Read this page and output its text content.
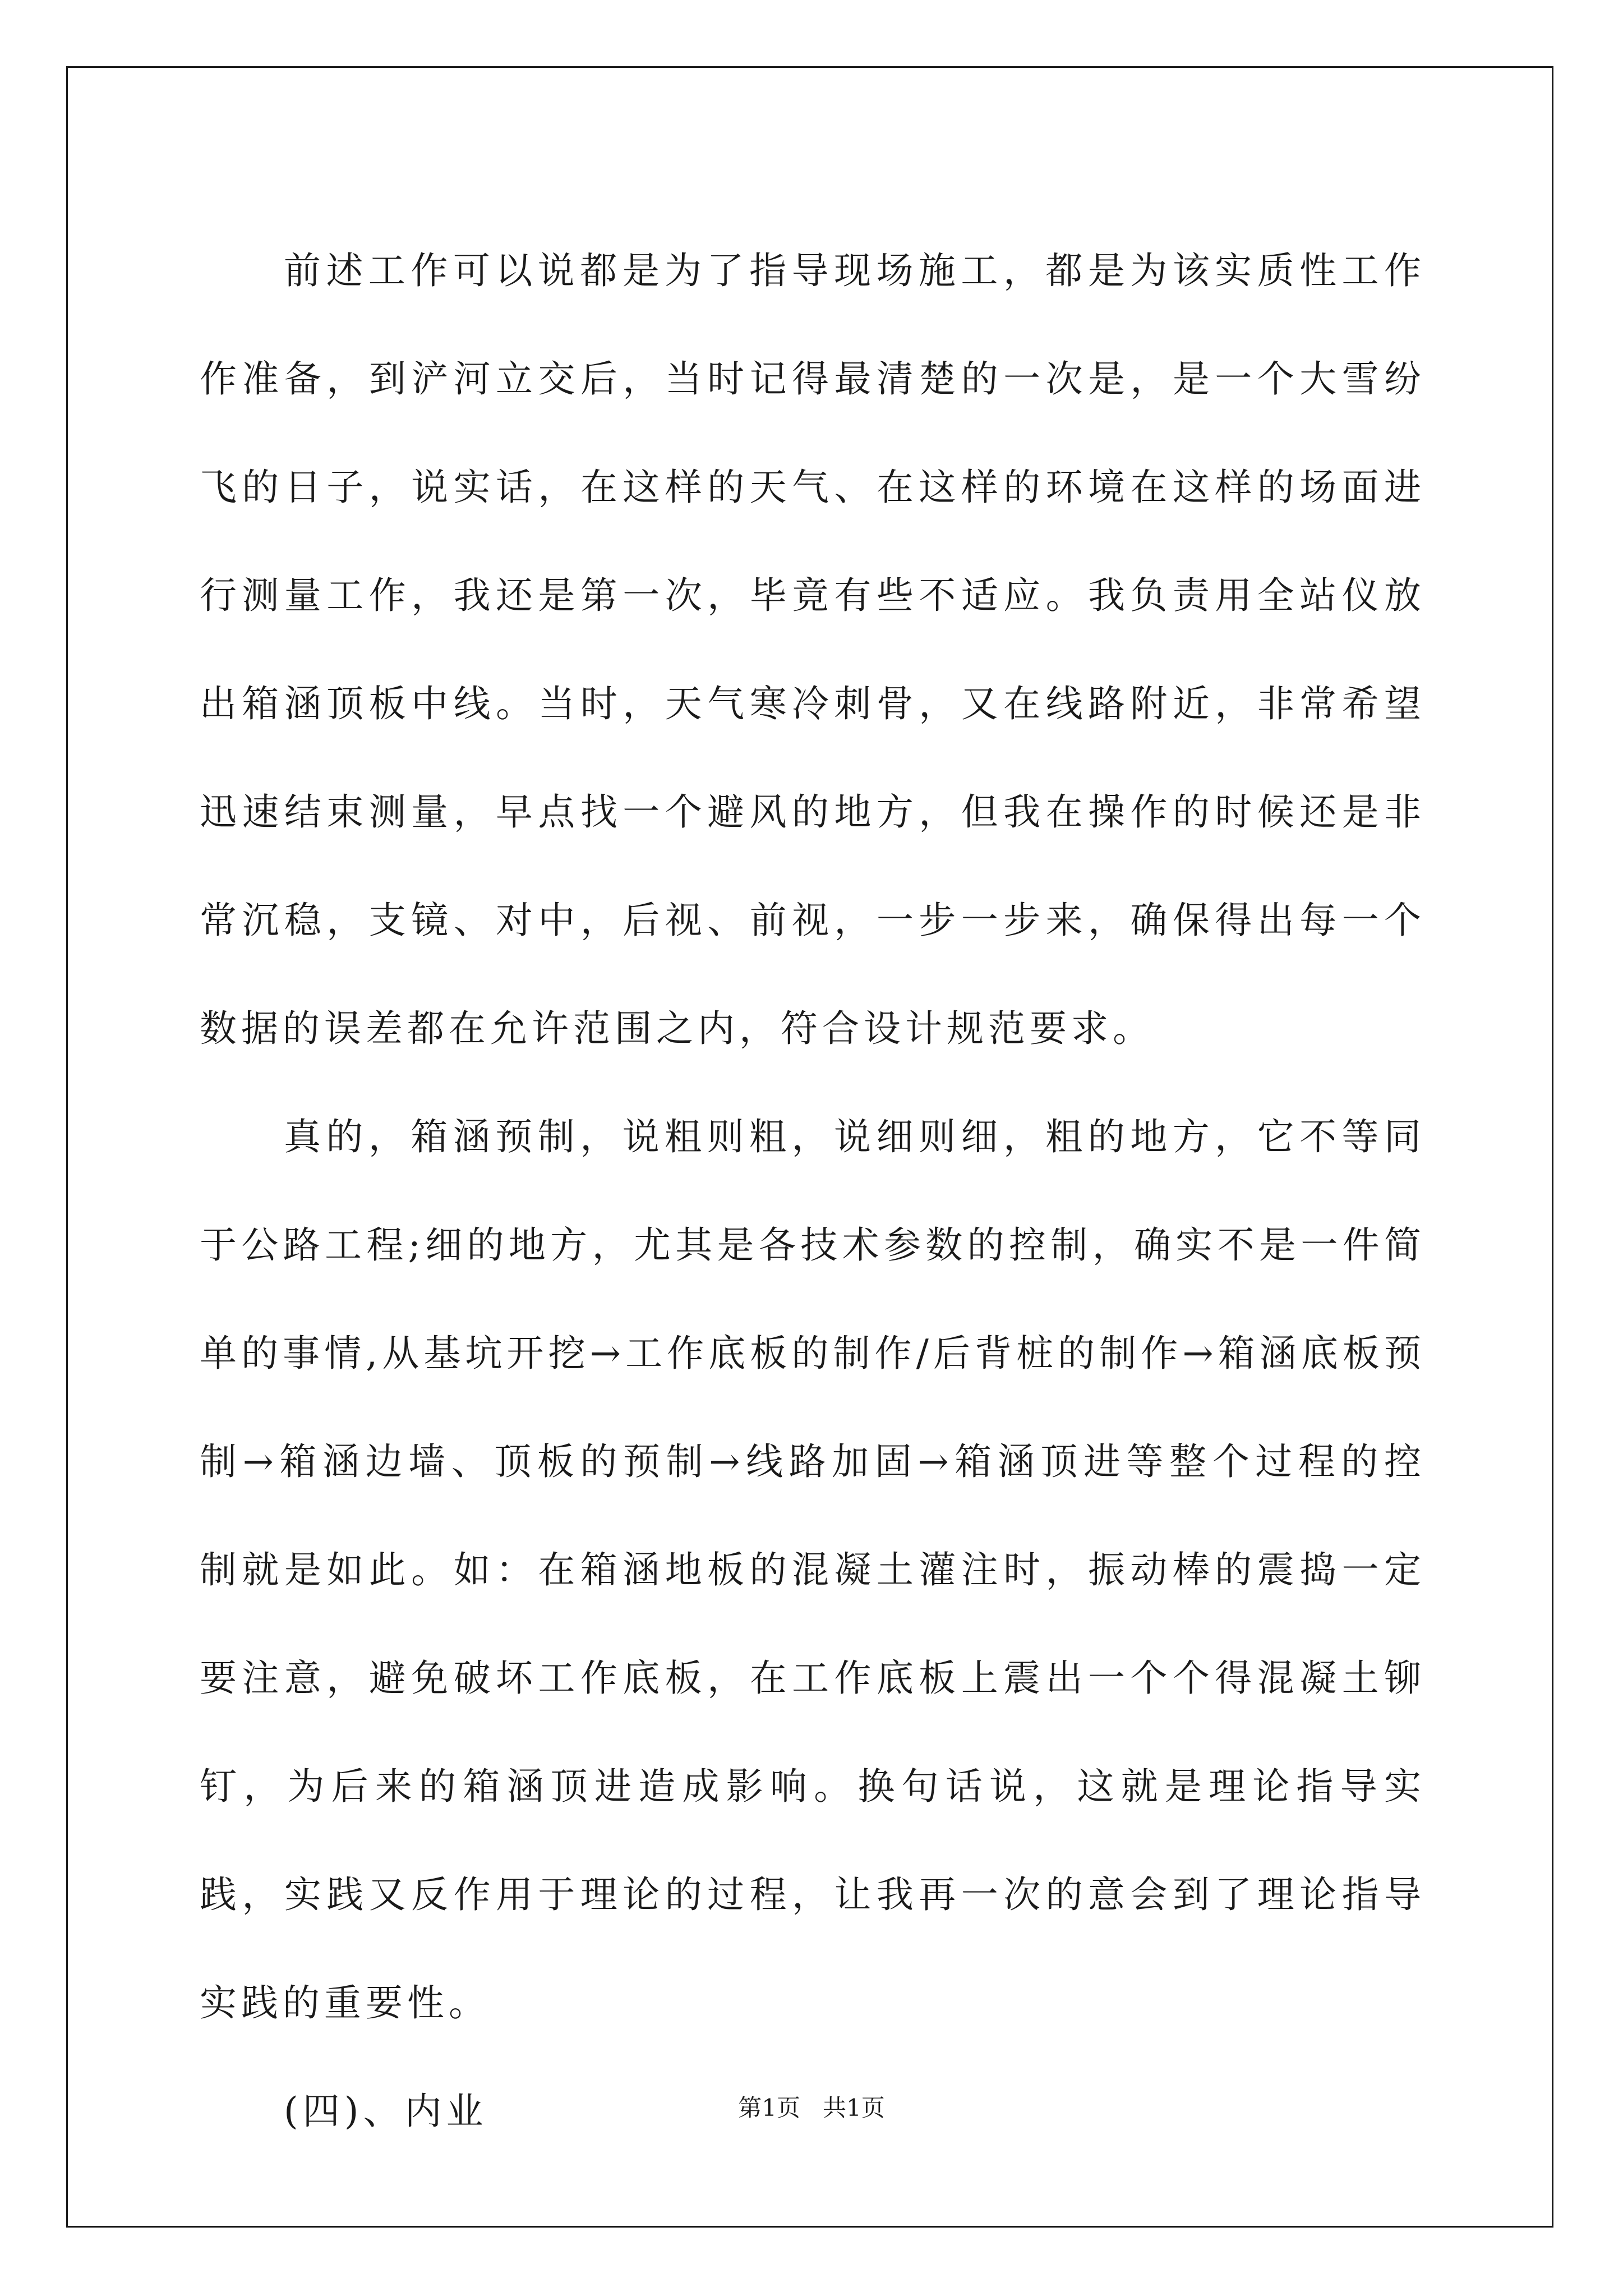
前述工作可以说都是为了指导现场施工，都是为该实质性工作作准备，到浐河立交后，当时记得最清楚的一次是，是一个大雪纷飞的日子，说实话，在这样的天气、在这样的环境在这样的场面进行测量工作，我还是第一次，毕竟有些不适应。我负责用全站仪放出箱涵顶板中线。当时，天气寒冷刺骨，又在线路附近，非常希望迅速结束测量，早点找一个避风的地方，但我在操作的时候还是非常沉稳，支镜、对中，后视、前视，一步一步来，确保得出每一个数据的误差都在允许范围之内，符合设计规范要求。

真的，箱涵预制，说粗则粗，说细则细，粗的地方，它不等同于公路工程;细的地方，尤其是各技术参数的控制，确实不是一件简单的事情,从基坑开挖→工作底板的制作/后背桩的制作→箱涵底板预制→箱涵边墙、顶板的预制→线路加固→箱涵顶进等整个过程的控制就是如此。如：在箱涵地板的混凝土灌注时，振动棒的震捣一定要注意，避免破坏工作底板，在工作底板上震出一个个得混凝土铆钉，为后来的箱涵顶进造成影响。换句话说，这就是理论指导实践，实践又反作用于理论的过程，让我再一次的意会到了理论指导实践的重要性。

(四)、内业	第1页 共1页
